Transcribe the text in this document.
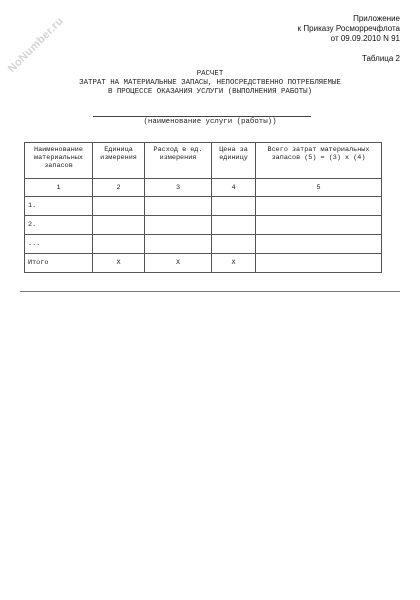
NoNumber.ru	Приложение
к Приказу Росморречфлота
от 09.09.2010 N 91
Таблица 2
РАСЧЕТ
ЗАТРАТ НА МАТЕРИАЛЬНЫЕ ЗАПАСЫ, НЕПОСРЕДСТВЕННО ПОТРЕБЛЯЕМЫЕ
В ПРОЦЕССЕ ОКАЗАНИЯ УСЛУГИ (ВЫПОЛНЕНИЯ РАБОТЫ)
(наименование услуги (работы))
Наименование материальных запасов	Единица измерения	Расход в ед. измерения	Цена за единицу	Всего затрат материальных запасов (5) = (3) x (4)
1	2	3	4	5
1.				
2.				
...				
Итого	X	X	X	
